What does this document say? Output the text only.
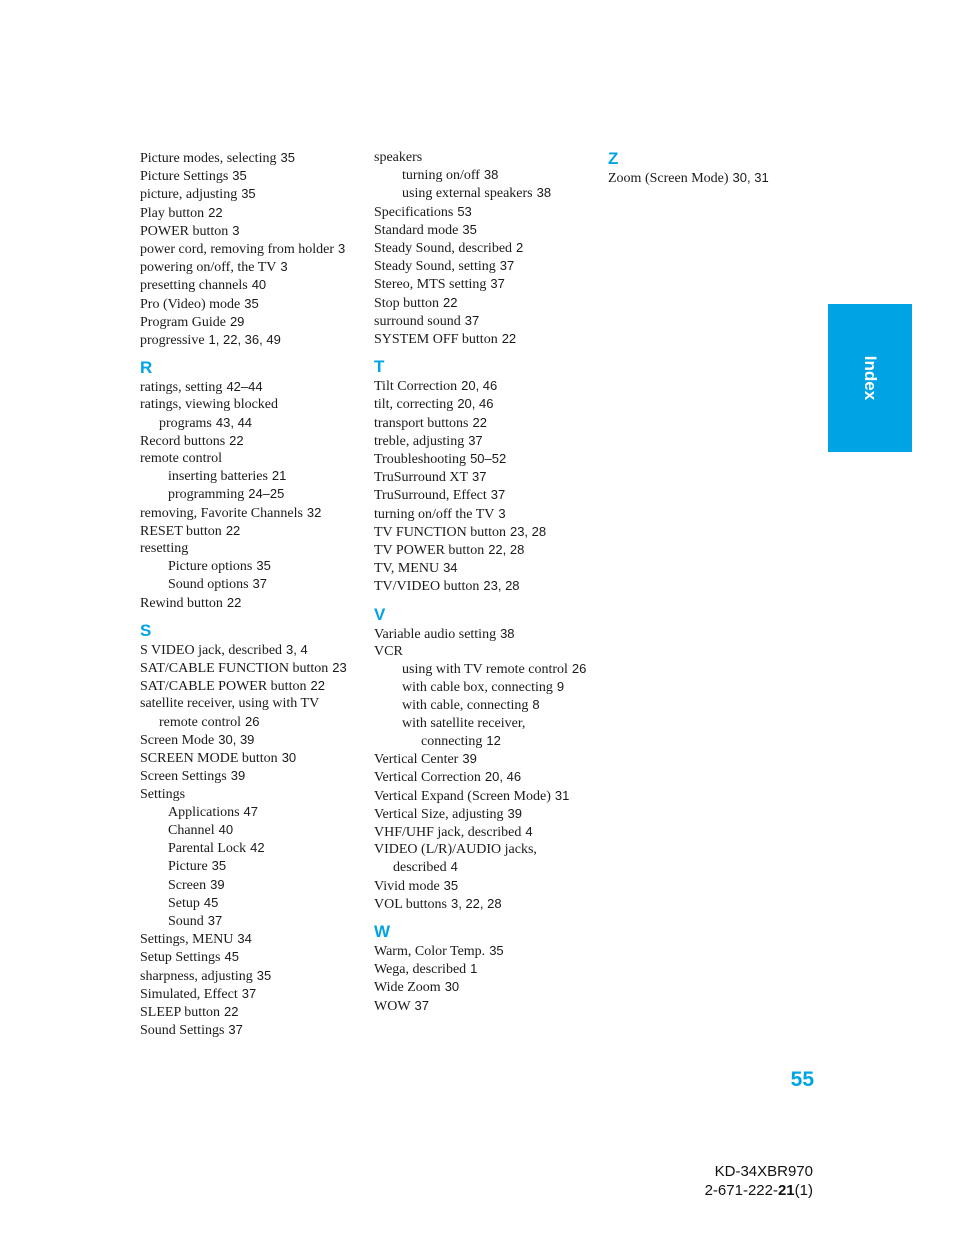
Picture modes, selecting 35
Picture Settings 35
picture, adjusting 35
Play button 22
POWER button 3
power cord, removing from holder 3
powering on/off, the TV 3
presetting channels 40
Pro (Video) mode 35
Program Guide 29
progressive 1, 22, 36, 49
R
ratings, setting 42–44
ratings, viewing blocked programs 43, 44
Record buttons 22
remote control
inserting batteries 21
programming 24–25
removing, Favorite Channels 32
RESET button 22
resetting
Picture options 35
Sound options 37
Rewind button 22
S
S VIDEO jack, described 3, 4
SAT/CABLE FUNCTION button 23
SAT/CABLE POWER button 22
satellite receiver, using with TV remote control 26
Screen Mode 30, 39
SCREEN MODE button 30
Screen Settings 39
Settings
Applications 47
Channel 40
Parental Lock 42
Picture 35
Screen 39
Setup 45
Sound 37
Settings, MENU 34
Setup Settings 45
sharpness, adjusting 35
Simulated, Effect 37
SLEEP button 22
Sound Settings 37
speakers
turning on/off 38
using external speakers 38
Specifications 53
Standard mode 35
Steady Sound, described 2
Steady Sound, setting 37
Stereo, MTS setting 37
Stop button 22
surround sound 37
SYSTEM OFF button 22
T
Tilt Correction 20, 46
tilt, correcting 20, 46
transport buttons 22
treble, adjusting 37
Troubleshooting 50–52
TruSurround XT 37
TruSurround, Effect 37
turning on/off the TV 3
TV FUNCTION button 23, 28
TV POWER button 22, 28
TV, MENU 34
TV/VIDEO button 23, 28
V
Variable audio setting 38
VCR
using with TV remote control 26
with cable box, connecting 9
with cable, connecting 8
with satellite receiver, connecting 12
Vertical Center 39
Vertical Correction 20, 46
Vertical Expand (Screen Mode) 31
Vertical Size, adjusting 39
VHF/UHF jack, described 4
VIDEO (L/R)/AUDIO jacks, described 4
Vivid mode 35
VOL buttons 3, 22, 28
W
Warm, Color Temp. 35
Wega, described 1
Wide Zoom 30
WOW 37
Z
Zoom (Screen Mode) 30, 31
Index
55
KD-34XBR970
2-671-222-21(1)
